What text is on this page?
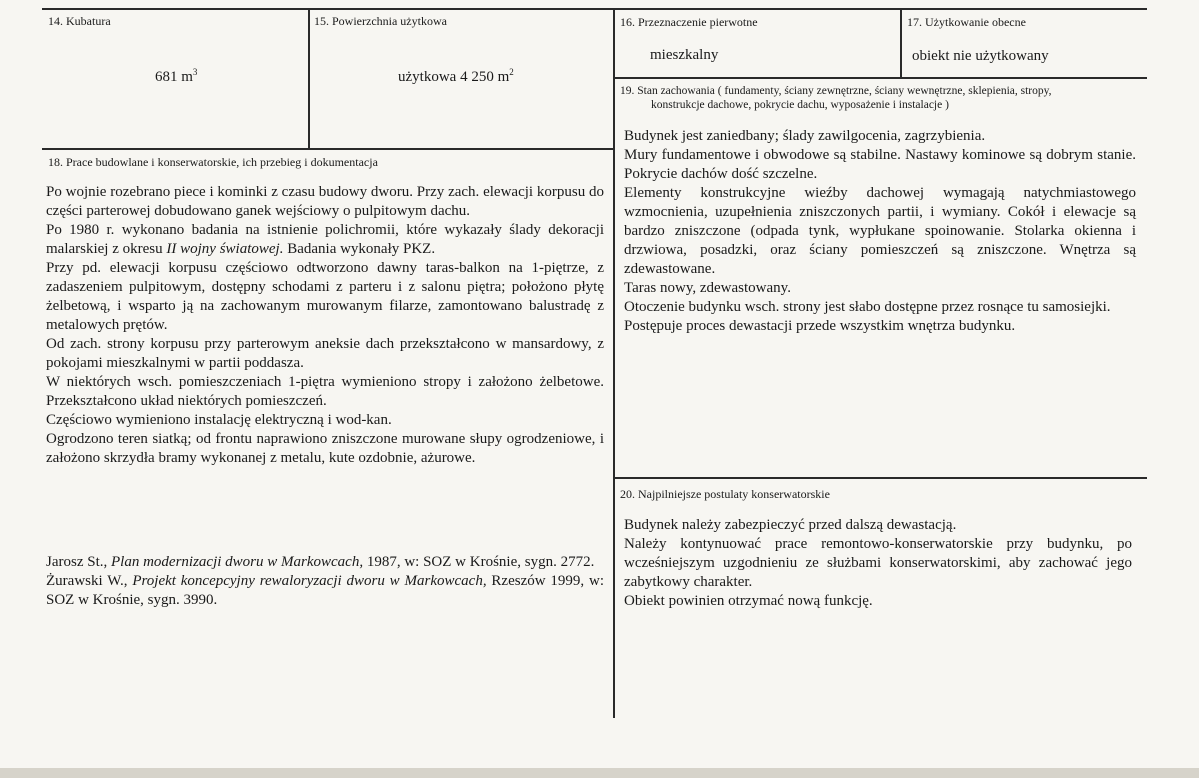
14. Kubatura
681 $m^3$
15. Powierzchnia użytkowa
użytkowa 4 250 $m^2$
16. Przeznaczenie pierwotne
mieszkalny
17. Użytkowanie obecne
obiekt nie użytkowany
19. Stan zachowania ( fundamenty, ściany zewnętrzne, ściany wewnętrzne, sklepienia, stropy,
konstrukcje dachowe, pokrycie dachu, wyposażenie i instalacje )

Budynek jest zaniedbany; ślady zawilgocenia, zagrzybienia.

Mury fundamentowe i obwodowe są stabilne. Nastawy kominowe są dobrym stanie. Pokrycie dachów dość szczelne.

Elementy konstrukcyjne wieźby dachowej wymagają natychmiastowego wzmocnienia, uzupełnienia zniszczonych partii, i wymiany. Cokół i elewacje są bardzo zniszczone (odpada tynk, wypłukane spoinowanie. Stolarka okienna i drzwiowa, posadzki, oraz ściany pomieszczeń są zniszczone. Wnętrza są zdewastowane.

Taras nowy, zdewastowany.

Otoczenie budynku wsch. strony jest słabo dostępne przez rosnące tu samosiejki.

Postępuje proces dewastacji przede wszystkim wnętrza budynku.

18. Prace budowlane i konserwatorskie, ich przebieg i dokumentacja

Po wojnie rozebrano piece i kominki z czasu budowy dworu. Przy zach. elewacji korpusu do części parterowej dobudowano ganek wejściowy o pulpitowym dachu.

Po 1980 r. wykonano badania na istnienie polichromii, które wykazały ślady dekoracji malarskiej z okresu II wojny światowej. Badania wykonały PKZ.

Przy pd. elewacji korpusu częściowo odtworzono dawny taras-balkon na 1-piętrze, z zadaszeniem pulpitowym, dostępny schodami z parteru i z salonu piętra; położono płytę żelbetową, i wsparto ją na zachowanym murowanym filarze, zamontowano balustradę z metalowych prętów.

Od zach. strony korpusu przy parterowym aneksie dach przekształcono w mansardowy, z pokojami mieszkalnymi w partii poddasza.

W niektórych wsch. pomieszczeniach 1-piętra wymieniono stropy i założono żelbetowe. Przekształcono układ niektórych pomieszczeń.

Częściowo wymieniono instalację elektryczną i wod-kan.

Ogrodzono teren siatką; od frontu naprawiono zniszczone murowane słupy ogrodzeniowe, i założono skrzydła bramy wykonanej z metalu, kute ozdobnie, ażurowe.

Jarosz St., Plan modernizacji dworu w Markowcach, 1987, w: SOZ w Krośnie, sygn. 2772.

Żurawski W., Projekt koncepcyjny rewaloryzacji dworu w Markowcach, Rzeszów 1999, w: SOZ w Krośnie, sygn. 3990.

20. Najpilniejsze postulaty konserwatorskie

Budynek należy zabezpieczyć przed dalszą dewastacją.

Należy kontynuować prace remontowo-konserwatorskie przy budynku, po wcześniejszym uzgodnieniu ze służbami konserwatorskimi, aby zachować jego zabytkowy charakter.

Obiekt powinien otrzymać nową funkcję.
